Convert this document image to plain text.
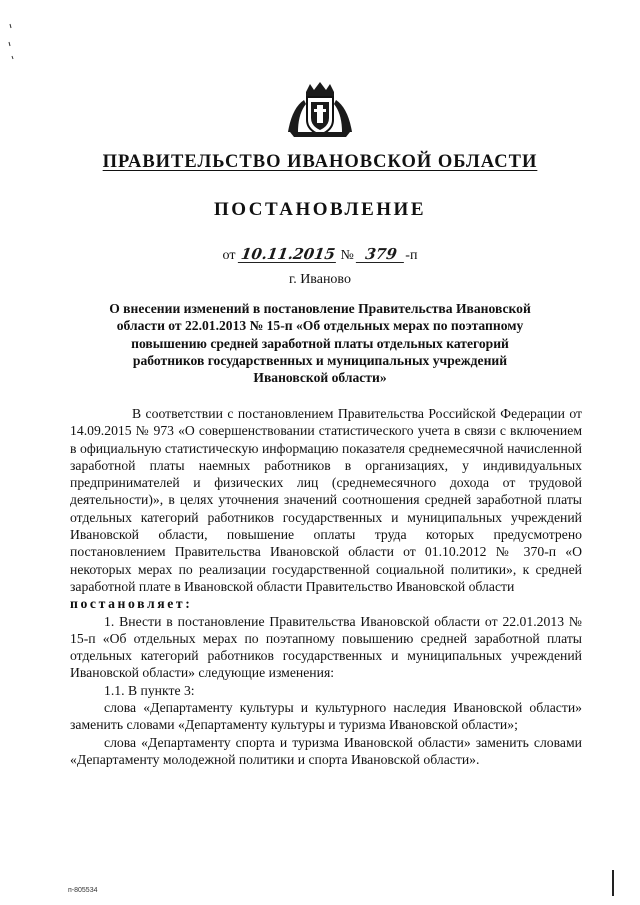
ПРАВИТЕЛЬСТВО ИВАНОВСКОЙ ОБЛАСТИ
ПОСТАНОВЛЕНИЕ
от 10.11.2015 № 379 -п
г. Иваново
О внесении изменений в постановление Правительства Ивановской области от 22.01.2013 № 15-п «Об отдельных мерах по поэтапному повышению средней заработной платы отдельных категорий работников государственных и муниципальных учреждений Ивановской области»

В соответствии с постановлением Правительства Российской Федерации от 14.09.2015 № 973 «О совершенствовании статистического учета в связи с включением в официальную статистическую информацию показателя среднемесячной начисленной заработной платы наемных работников в организациях, у индивидуальных предпринимателей и физических лиц (среднемесячного дохода от трудовой деятельности)», в целях уточнения значений соотношения средней заработной платы отдельных категорий работников государственных и муниципальных учреждений Ивановской области, повышение оплаты труда которых предусмотрено постановлением Правительства Ивановской области от 01.10.2012 № 370-п «О некоторых мерах по реализации государственной социальной политики», к средней заработной плате в Ивановской области Правительство Ивановской области
постановляет:

1. Внести в постановление Правительства Ивановской области от 22.01.2013 № 15-п «Об отдельных мерах по поэтапному повышению средней заработной платы отдельных категорий работников государственных и муниципальных учреждений Ивановской области» следующие изменения:

1.1. В пункте 3:

слова «Департаменту культуры и культурного наследия Ивановской области» заменить словами «Департаменту культуры и туризма Ивановской области»;

слова «Департаменту спорта и туризма Ивановской области» заменить словами «Департаменту молодежной политики и спорта Ивановской области».

п-805534
